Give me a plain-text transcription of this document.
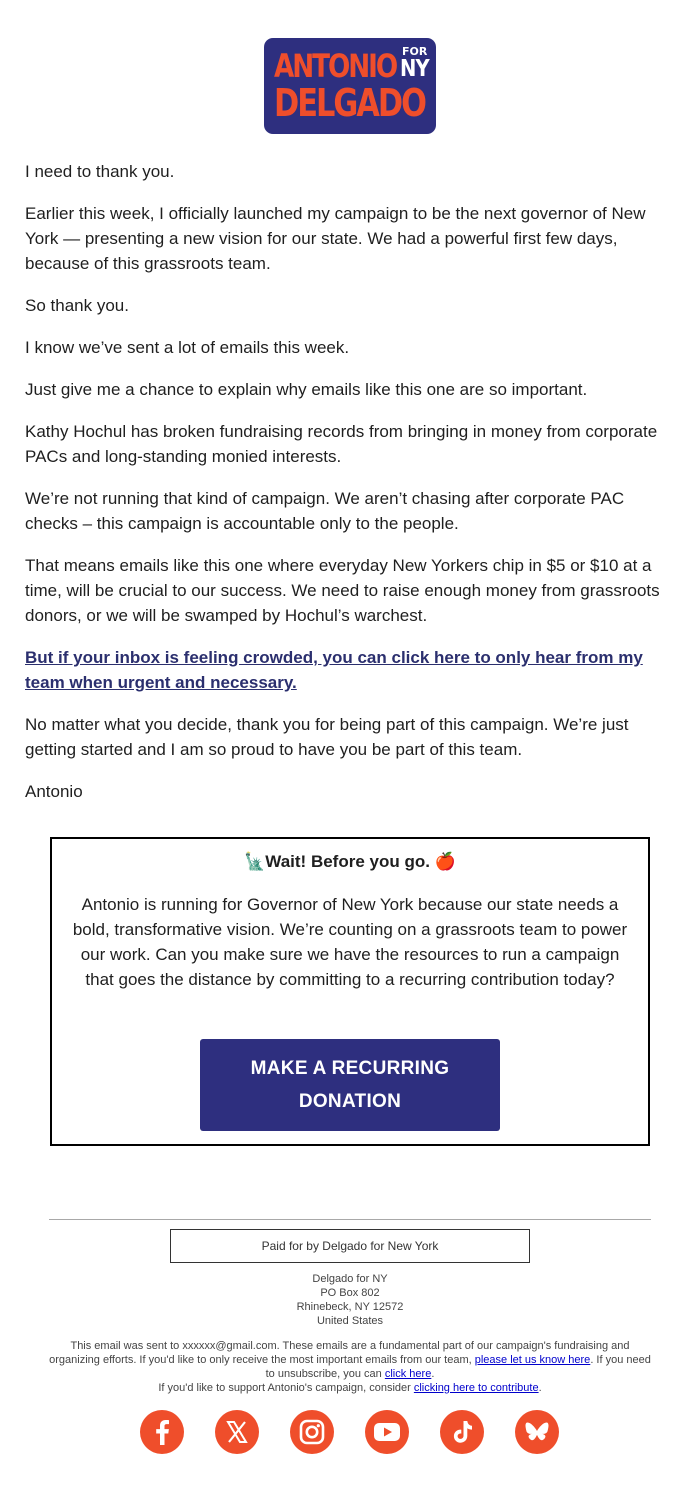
ANTONIO FOR
NY
DELGADO

I need to thank you.

Earlier this week, I officially launched my campaign to be the next governor of New York — presenting a new vision for our state. We had a powerful first few days, because of this grassroots team.

So thank you.

I know we’ve sent a lot of emails this week.

Just give me a chance to explain why emails like this one are so important.

Kathy Hochul has broken fundraising records from bringing in money from corporate PACs and long-standing monied interests.

We’re not running that kind of campaign. We aren’t chasing after corporate PAC checks – this campaign is accountable only to the people.

That means emails like this one where everyday New Yorkers chip in $5 or $10 at a time, will be crucial to our success. We need to raise enough money from grassroots donors, or we will be swamped by Hochul’s warchest.

But if your inbox is feeling crowded, you can click here to only hear from my team when urgent and necessary.

No matter what you decide, thank you for being part of this campaign. We’re just getting started and I am so proud to have you be part of this team.

Antonio

🗽Wait! Before you go. 🍎
Antonio is running for Governor of New York because our state needs a bold, transformative vision. We’re counting on a grassroots team to power our work. Can you make sure we have the resources to run a campaign that goes the distance by committing to a recurring contribution today?
MAKE A RECURRING DONATION
Paid for by Delgado for New York
Delgado for NY
PO Box 802
Rhinebeck, NY 12572
United States
This email was sent to xxxxxx@gmail.com. These emails are a fundamental part of our campaign's fundraising and organizing efforts. If you'd like to only receive the most important emails from our team, please let us know here. If you need to unsubscribe, you can click here.
If you'd like to support Antonio's campaign, consider clicking here to contribute.
